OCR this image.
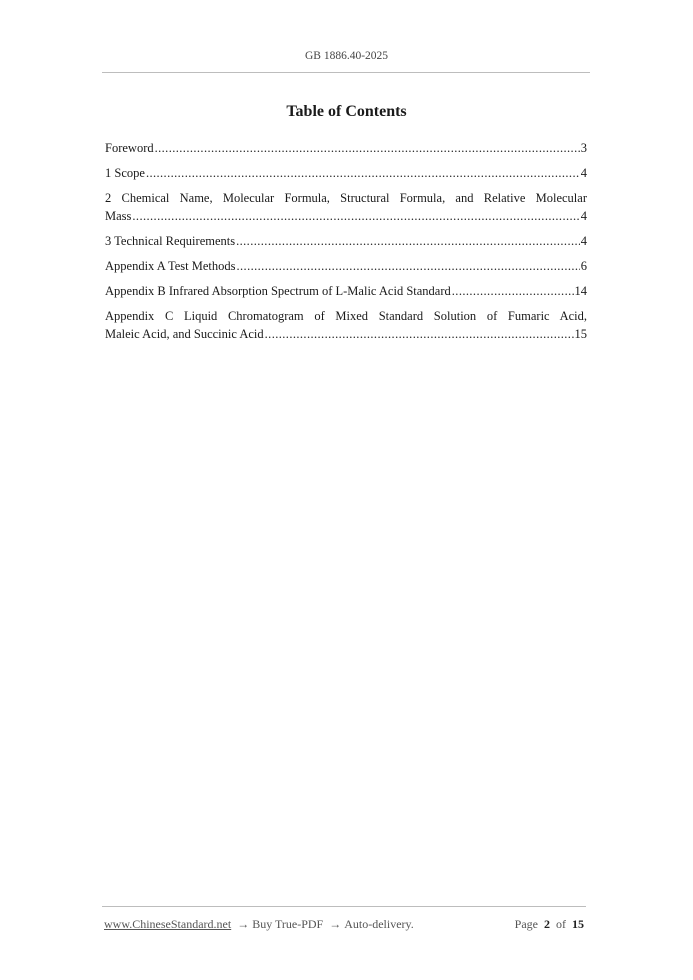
GB 1886.40-2025
Table of Contents
Foreword .....	3
1 Scope .....	4
2 Chemical Name, Molecular Formula, Structural Formula, and Relative Molecular
Mass .....	4
3 Technical Requirements .....	4
Appendix A Test Methods .....	6
Appendix B Infrared Absorption Spectrum of L-Malic Acid Standard .....	14
Appendix C Liquid Chromatogram of Mixed Standard Solution of Fumaric Acid,
Maleic Acid, and Succinic Acid .....	15
www.ChineseStandard.net → Buy True-PDF → Auto-delivery.	Page 2 of 15
